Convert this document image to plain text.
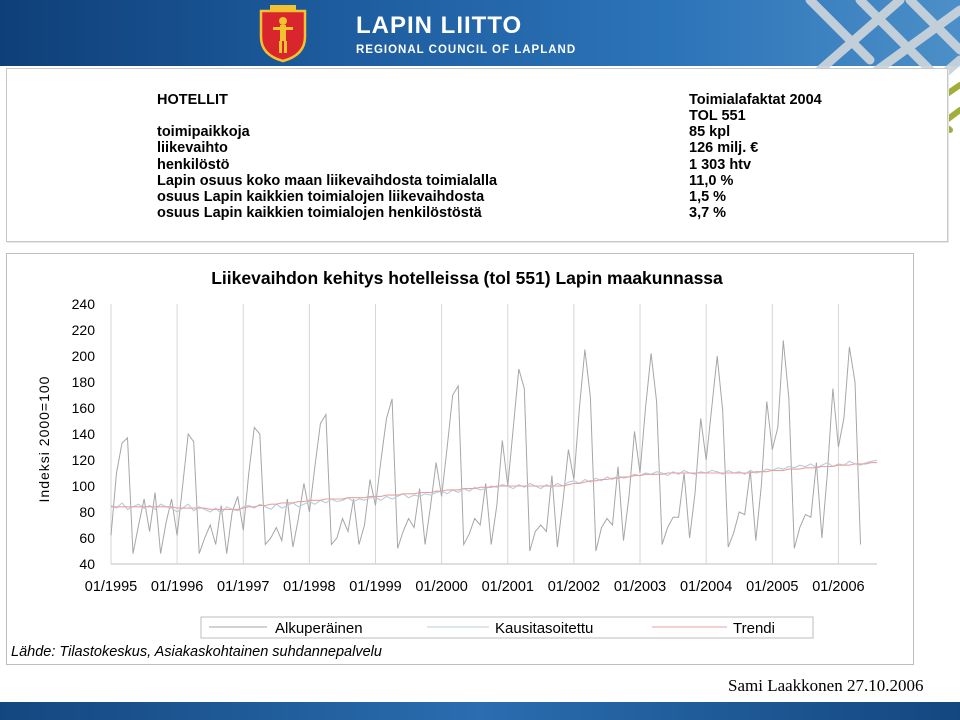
LAPIN LIITTO
REGIONAL COUNCIL OF LAPLAND
HOTELLIT	Toimialafaktat 2004
TOL 551
toimipaikkoja	85 kpl
liikevaihto	126 milj. €
henkilöstö	1 303 htv
Lapin osuus koko maan liikevaihdosta toimialalla	11,0 %
osuus Lapin kaikkien toimialojen liikevaihdosta	1,5 %
osuus Lapin kaikkien toimialojen henkilöstöstä	3,7 %
Liikevaihdon kehitys hotelleissa (tol 551) Lapin maakunnassa
Indeksi 2000=100
40
60
80
100
120
140
160
180
200
220
240
01/1995 01/1996 01/1997 01/1998 01/1999 01/2000 01/2001 01/2002 01/2003 01/2004 01/2005 01/2006
Alkuperäinen	Kausitasoitettu	Trendi
Lähde: Tilastokeskus, Asiakaskohtainen suhdannepalvelu
Sami Laakkonen 27.10.2006
